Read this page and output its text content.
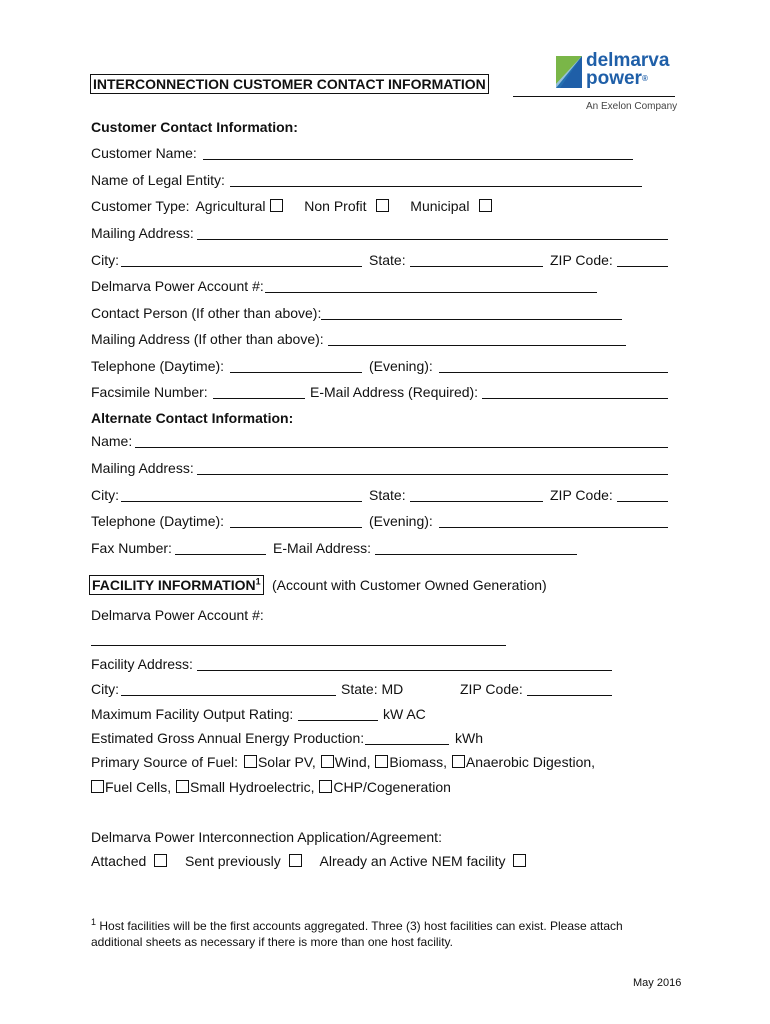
INTERCONNECTION CUSTOMER CONTACT INFORMATION
delmarva
power®
An Exelon Company
Customer Contact Information:
Customer Name:
Name of Legal Entity:
Customer Type: Agricultural	Non Profit	Municipal
Mailing Address:
City:	State:	ZIP Code:
Delmarva Power Account #:
Contact Person (If other than above):
Mailing Address (If other than above):
Telephone (Daytime):	(Evening):
Facsimile Number:	E-Mail Address (Required):
Alternate Contact Information:
Name:
Mailing Address:
City:	State:	ZIP Code:
Telephone (Daytime):	(Evening):
Fax Number:	E-Mail Address:
FACILITY INFORMATION$^1$ (Account with Customer Owned Generation)
Delmarva Power Account #:
Facility Address:
City:	State: MD	ZIP Code:
Maximum Facility Output Rating:	kW AC
Estimated Gross Annual Energy Production:	kWh
Primary Source of Fuel: Solar PV, Wind, Biomass, Anaerobic Digestion,
Fuel Cells, Small Hydroelectric, CHP/Cogeneration
Delmarva Power Interconnection Application/Agreement:
Attached	Sent previously	Already an Active NEM facility
$^1$ Host facilities will be the first accounts aggregated. Three (3) host facilities can exist. Please attach
additional sheets as necessary if there is more than one host facility.
May 2016
